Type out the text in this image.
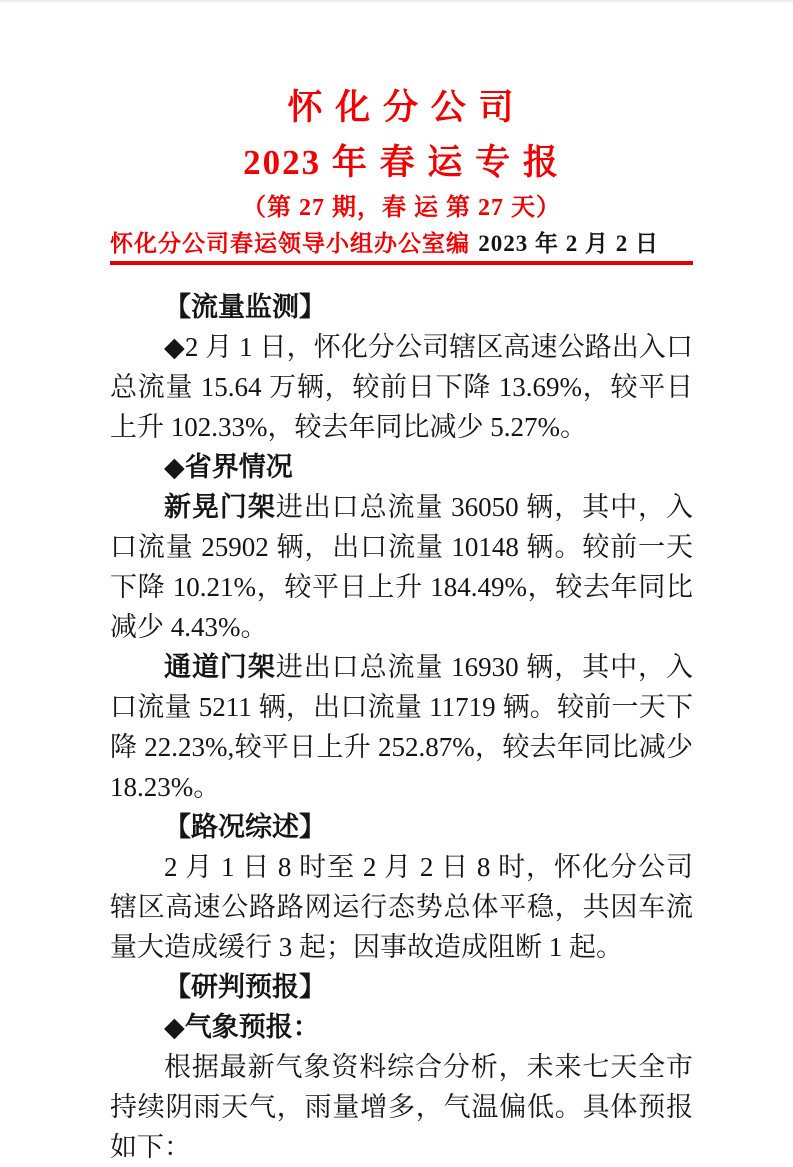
怀 化 分 公 司
2023 年 春 运 专 报
（第 27 期，春 运 第 27 天）
怀化分公司春运领导小组办公室编 2023 年 2 月 2 日

【流量监测】

◆2 月 1 日，怀化分公司辖区高速公路出入口总流量 15.64 万辆，较前日下降 13.69%，较平日上升 102.33%，较去年同比减少 5.27%。

◆省界情况

新晃门架进出口总流量 36050 辆，其中，入口流量 25902 辆，出口流量 10148 辆。较前一天下降 10.21%，较平日上升 184.49%，较去年同比减少 4.43%。

通道门架进出口总流量 16930 辆，其中，入口流量 5211 辆，出口流量 11719 辆。较前一天下降 22.23%,较平日上升 252.87%，较去年同比减少 18.23%。

【路况综述】

2 月 1 日 8 时至 2 月 2 日 8 时，怀化分公司辖区高速公路路网运行态势总体平稳，共因车流量大造成缓行 3 起；因事故造成阻断 1 起。

【研判预报】

◆气象预报：

根据最新气象资料综合分析，未来七天全市持续阴雨天气，雨量增多，气温偏低。具体预报如下：
